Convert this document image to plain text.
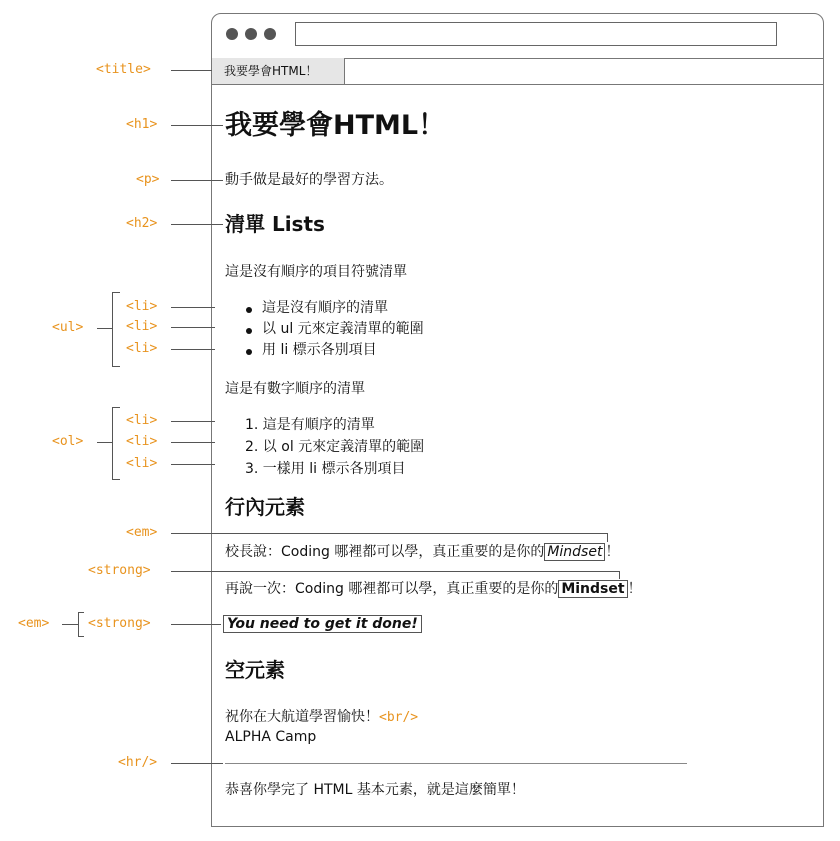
我要學會HTML！
<title>
<h1>
<p>
<h2>
<ul>
<li>
<li>
<li>
<ol>
<li>
<li>
<li>
<em>
<strong>
<em>	<strong>
<hr/>
我要學會HTML！
動手做是最好的學習方法。
清單 Lists
這是沒有順序的項目符號清單
這是沒有順序的清單
以 ul 元來定義清單的範圍
用 li 標示各別項目
這是有數字順序的清單
1. 這是有順序的清單
2. 以 ol 元來定義清單的範圍
3. 一樣用 li 標示各別項目
行內元素
校長說：Coding 哪裡都可以學，真正重要的是你的 Mindset ！
再說一次：Coding 哪裡都可以學，真正重要的是你的 Mindset ！
You need to get it done!
空元素
祝你在大航道學習愉快！<br/>
ALPHA Camp
恭喜你學完了 HTML 基本元素，就是這麼簡單！
